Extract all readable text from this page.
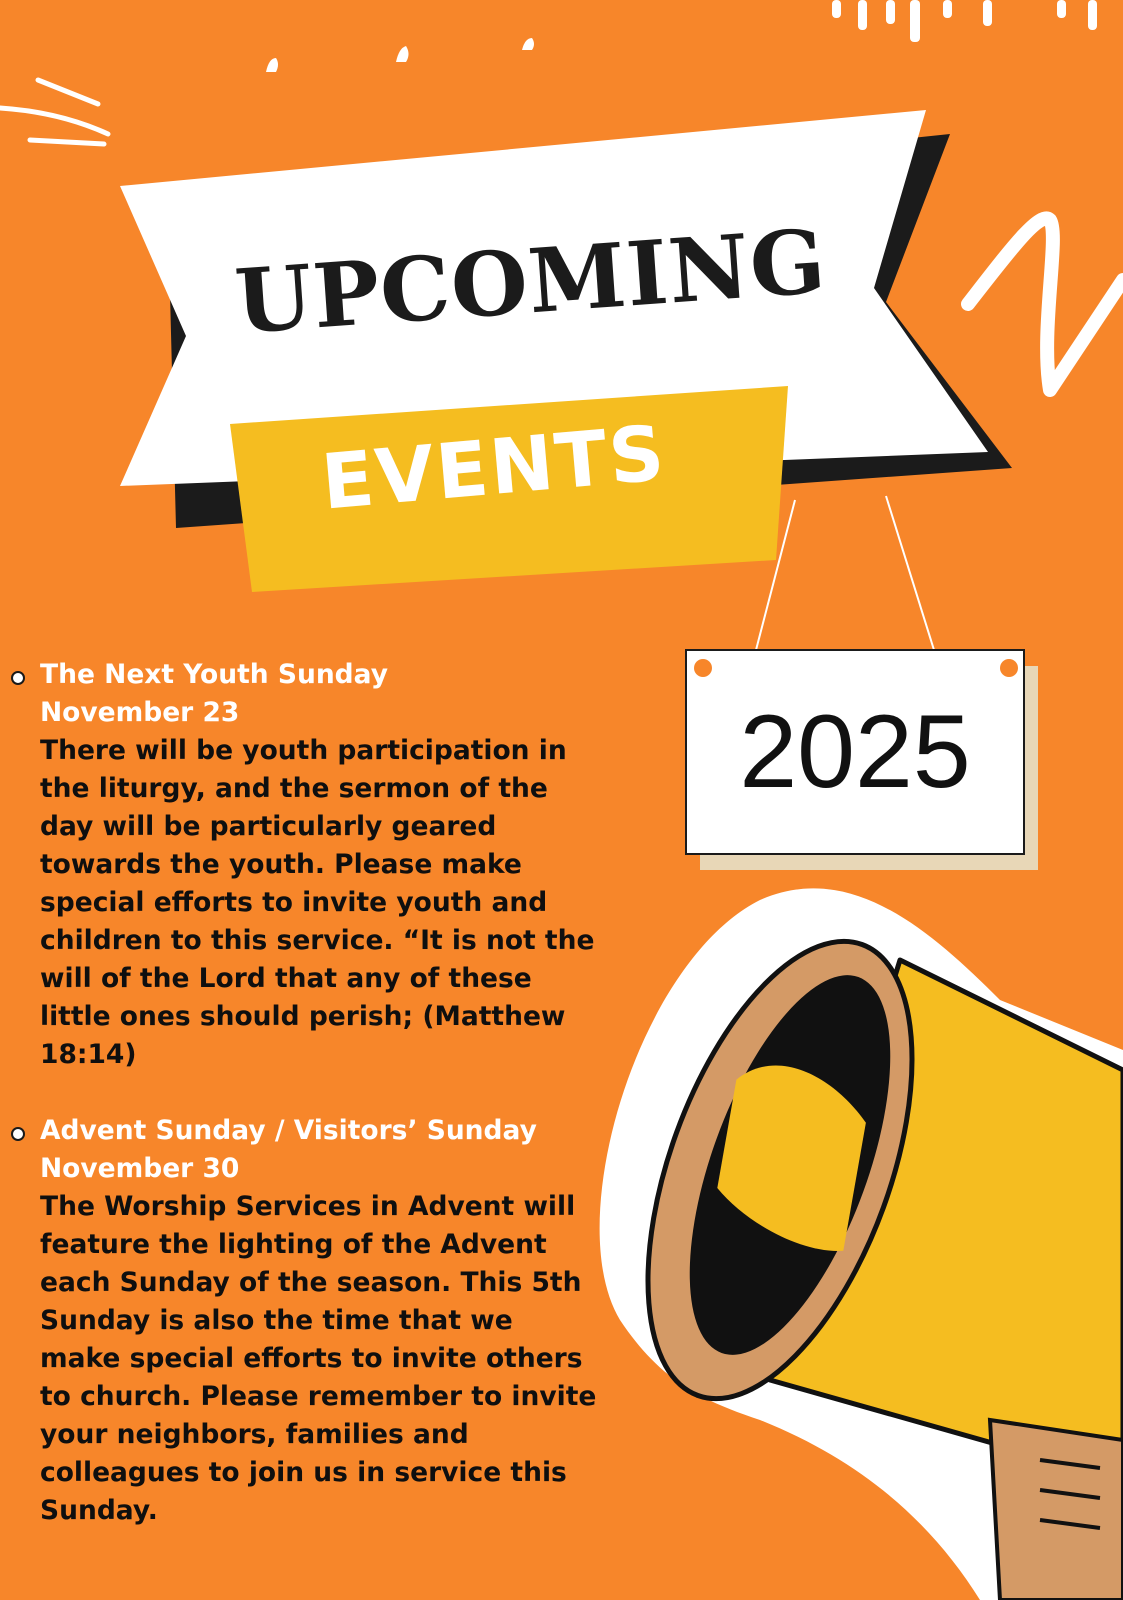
UPCOMING
EVENTS
2025
The Next Youth Sunday
November 23
There will be youth participation in the liturgy, and the sermon of the day will be particularly geared towards the youth. Please make special efforts to invite youth and children to this service. “It is not the will of the Lord that any of these little ones should perish; (Matthew 18:14)
Advent Sunday / Visitors’ Sunday
November 30
The Worship Services in Advent will feature the lighting of the Advent each Sunday of the season. This 5th Sunday is also the time that we make special efforts to invite others to church. Please remember to invite your neighbors, families and colleagues to join us in service this Sunday.
